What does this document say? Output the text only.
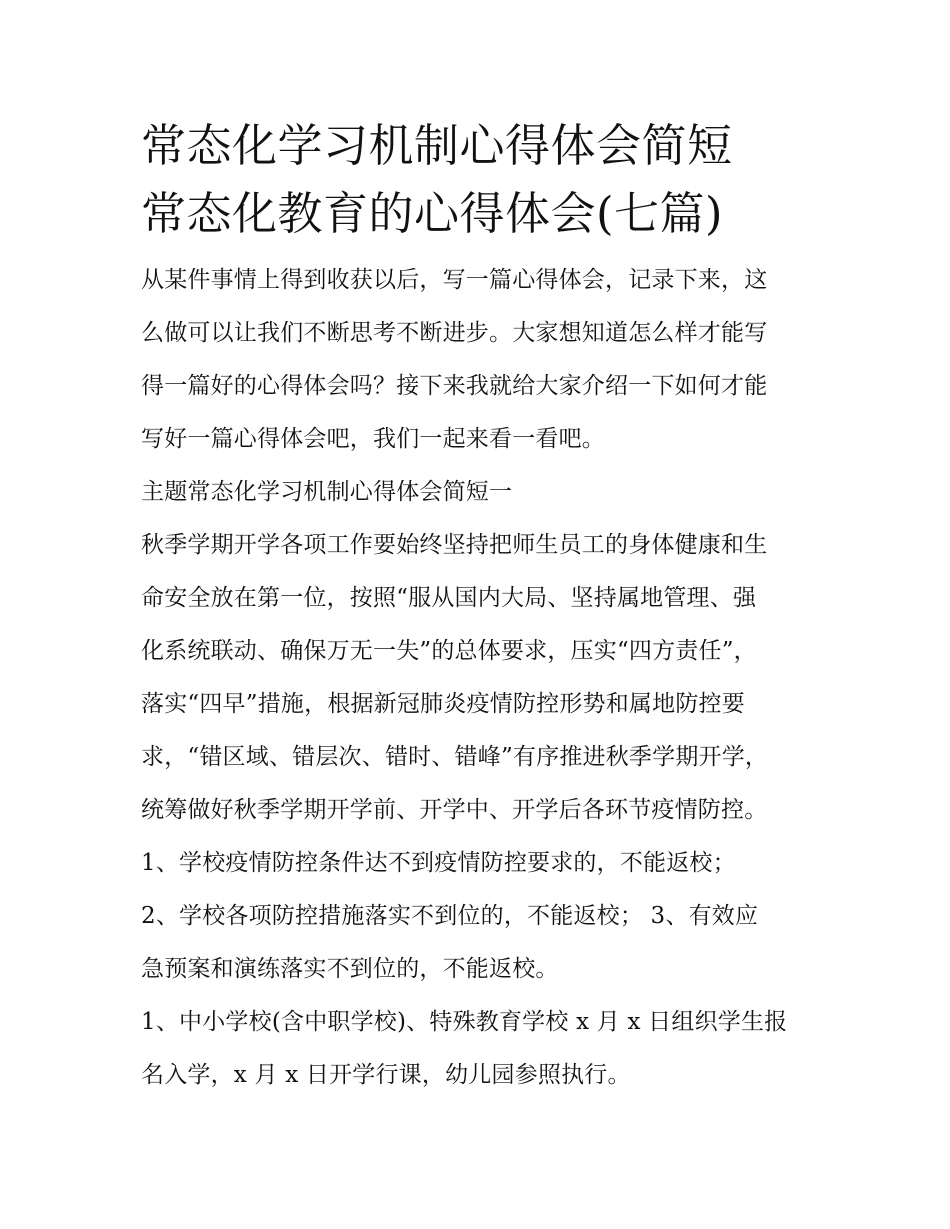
常态化学习机制心得体会简短
常态化教育的心得体会(七篇)

从某件事情上得到收获以后，写一篇心得体会，记录下来，这

么做可以让我们不断思考不断进步。大家想知道怎么样才能写

得一篇好的心得体会吗？接下来我就给大家介绍一下如何才能

写好一篇心得体会吧，我们一起来看一看吧。

主题常态化学习机制心得体会简短一

秋季学期开学各项工作要始终坚持把师生员工的身体健康和生

命安全放在第一位，按照“服从国内大局、坚持属地管理、强

化系统联动、确保万无一失”的总体要求，压实“四方责任”，

落实“四早”措施，根据新冠肺炎疫情防控形势和属地防控要

求，“错区域、错层次、错时、错峰”有序推进秋季学期开学，

统筹做好秋季学期开学前、开学中、开学后各环节疫情防控。

1、学校疫情防控条件达不到疫情防控要求的，不能返校；

2、学校各项防控措施落实不到位的，不能返校； 3、有效应

急预案和演练落实不到位的，不能返校。

1、中小学校(含中职学校)、特殊教育学校 x 月 x 日组织学生报

名入学，x 月 x 日开学行课，幼儿园参照执行。
